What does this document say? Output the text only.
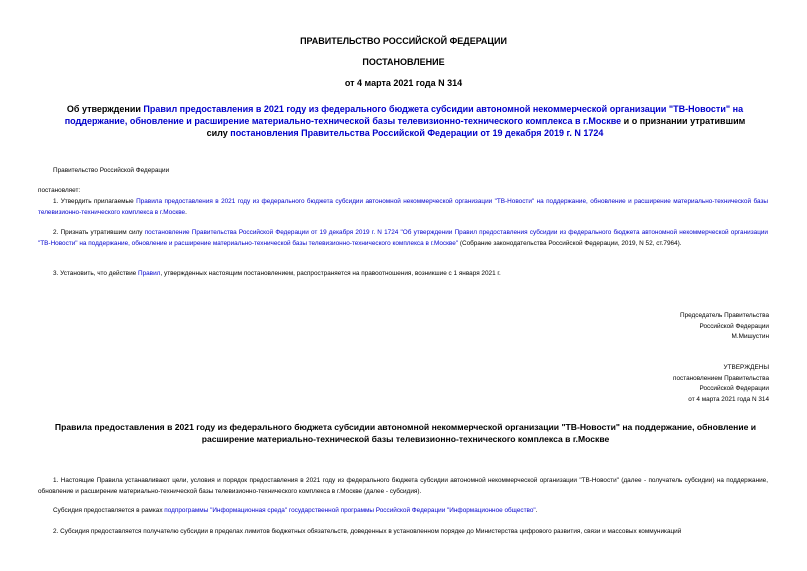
ПРАВИТЕЛЬСТВО РОССИЙСКОЙ ФЕДЕРАЦИИ
ПОСТАНОВЛЕНИЕ
от 4 марта 2021 года N 314
Об утверждении Правил предоставления в 2021 году из федерального бюджета субсидии автономной некоммерческой организации "ТВ-Новости" на поддержание, обновление и расширение материально-технической базы телевизионно-технического комплекса в г.Москве и о признании утратившим силу постановления Правительства Российской Федерации от 19 декабря 2019 г. N 1724
Правительство Российской Федерации
постановляет:
1. Утвердить прилагаемые Правила предоставления в 2021 году из федерального бюджета субсидии автономной некоммерческой организации "ТВ-Новости" на поддержание, обновление и расширение материально-технической базы телевизионно-технического комплекса в г.Москве.
2. Признать утратившим силу постановление Правительства Российской Федерации от 19 декабря 2019 г. N 1724 "Об утверждении Правил предоставления субсидии из федерального бюджета автономной некоммерческой организации "ТВ-Новости" на поддержание, обновление и расширение материально-технической базы телевизионно-технического комплекса в г.Москве" (Собрание законодательства Российской Федерации, 2019, N 52, ст.7964).
3. Установить, что действие Правил, утвержденных настоящим постановлением, распространяется на правоотношения, возникшие с 1 января 2021 г.
Председатель Правительства
Российской Федерации
М.Мишустин
УТВЕРЖДЕНЫ
постановлением Правительства
Российской Федерации
от 4 марта 2021 года N 314
Правила предоставления в 2021 году из федерального бюджета субсидии автономной некоммерческой организации "ТВ-Новости" на поддержание, обновление и расширение материально-технической базы телевизионно-технического комплекса в г.Москве
1. Настоящие Правила устанавливают цели, условия и порядок предоставления в 2021 году из федерального бюджета субсидии автономной некоммерческой организации "ТВ-Новости" (далее - получатель субсидии) на поддержание, обновление и расширение материально-технической базы телевизионно-технического комплекса в г.Москве (далее - субсидия).
Субсидия предоставляется в рамках подпрограммы "Информационная среда" государственной программы Российской Федерации "Информационное общество".
2. Субсидия предоставляется получателю субсидии в пределах лимитов бюджетных обязательств, доведенных в установленном порядке до Министерства цифрового развития, связи и массовых коммуникаций
